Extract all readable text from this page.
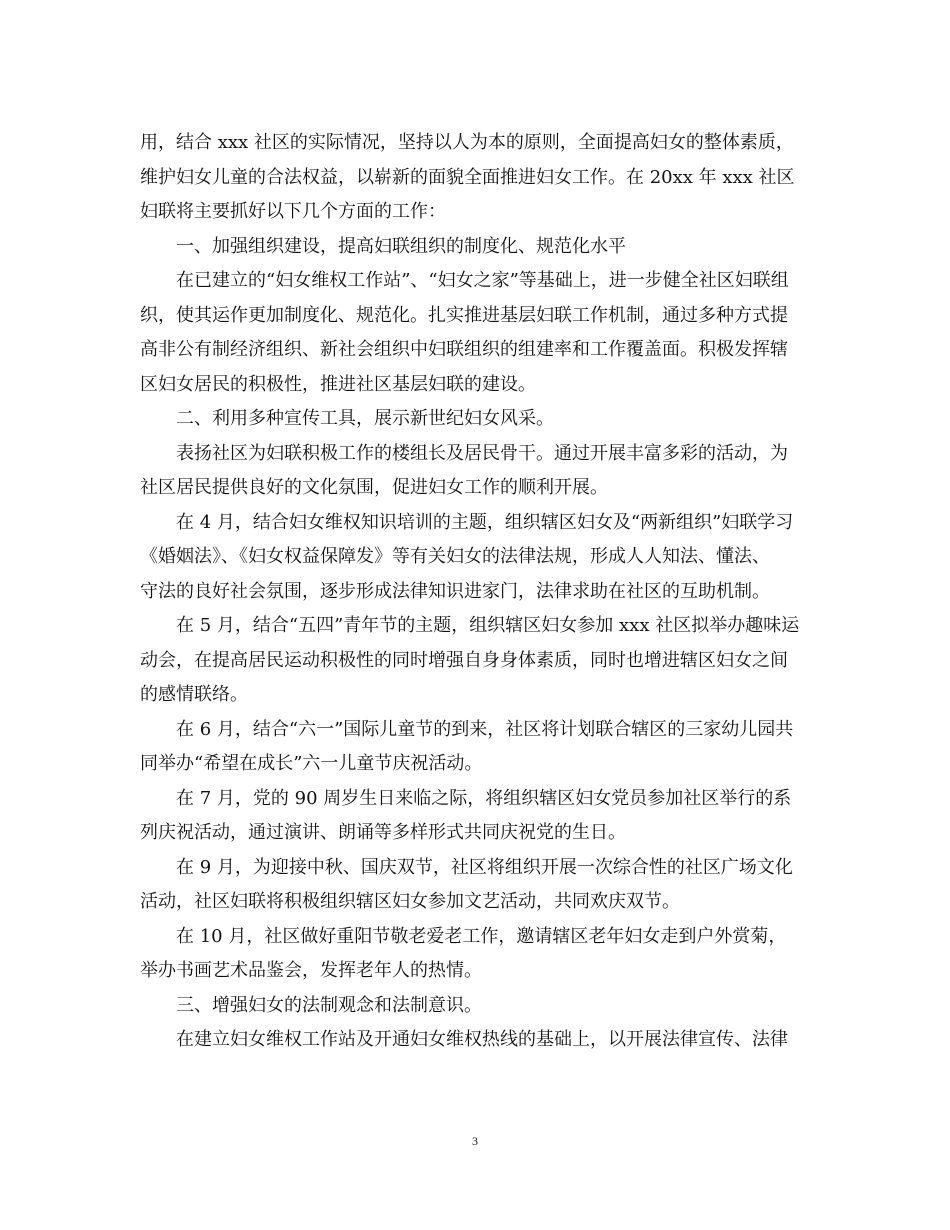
用，结合 xxx 社区的实际情况，坚持以人为本的原则，全面提高妇女的整体素质，
维护妇女儿童的合法权益，以崭新的面貌全面推进妇女工作。在 20xx 年 xxx 社区
妇联将主要抓好以下几个方面的工作：
　　一、加强组织建设，提高妇联组织的制度化、规范化水平
　　在已建立的“妇女维权工作站”、“妇女之家”等基础上，进一步健全社区妇联组
织，使其运作更加制度化、规范化。扎实推进基层妇联工作机制，通过多种方式提
高非公有制经济组织、新社会组织中妇联组织的组建率和工作覆盖面。积极发挥辖
区妇女居民的积极性，推进社区基层妇联的建设。
　　二、利用多种宣传工具，展示新世纪妇女风采。
　　表扬社区为妇联积极工作的楼组长及居民骨干。通过开展丰富多彩的活动，为
社区居民提供良好的文化氛围，促进妇女工作的顺利开展。
　　在 4 月，结合妇女维权知识培训的主题，组织辖区妇女及“两新组织”妇联学习
《婚姻法》、《妇女权益保障发》等有关妇女的法律法规，形成人人知法、懂法、
守法的良好社会氛围，逐步形成法律知识进家门，法律求助在社区的互助机制。
　　在 5 月，结合“五四”青年节的主题，组织辖区妇女参加 xxx 社区拟举办趣味运
动会，在提高居民运动积极性的同时增强自身身体素质，同时也增进辖区妇女之间
的感情联络。
　　在 6 月，结合“六一”国际儿童节的到来，社区将计划联合辖区的三家幼儿园共
同举办“希望在成长”六一儿童节庆祝活动。
　　在 7 月，党的 90 周岁生日来临之际，将组织辖区妇女党员参加社区举行的系
列庆祝活动，通过演讲、朗诵等多样形式共同庆祝党的生日。
　　在 9 月，为迎接中秋、国庆双节，社区将组织开展一次综合性的社区广场文化
活动，社区妇联将积极组织辖区妇女参加文艺活动，共同欢庆双节。
　　在 10 月，社区做好重阳节敬老爱老工作，邀请辖区老年妇女走到户外赏菊，
举办书画艺术品鉴会，发挥老年人的热情。
　　三、增强妇女的法制观念和法制意识。
　　在建立妇女维权工作站及开通妇女维权热线的基础上，以开展法律宣传、法律
3
